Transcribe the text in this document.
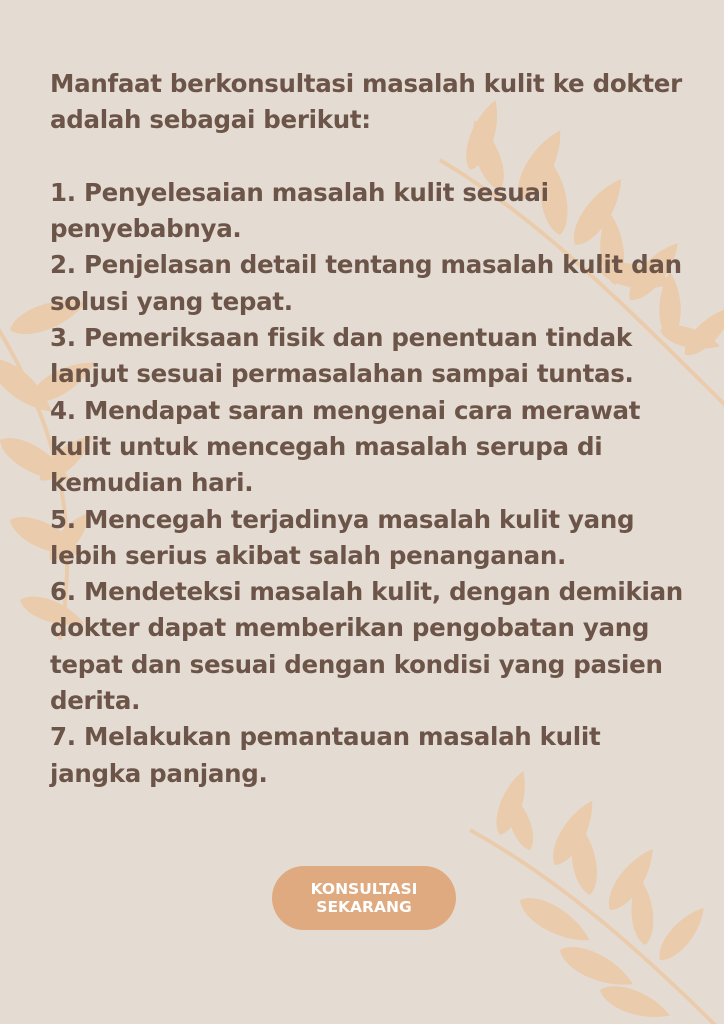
Manfaat berkonsultasi masalah kulit ke dokter adalah sebagai berikut:

1. Penyelesaian masalah kulit sesuai penyebabnya.

2. Penjelasan detail tentang masalah kulit dan solusi yang tepat.

3. Pemeriksaan fisik dan penentuan tindak lanjut sesuai permasalahan sampai tuntas.

4. Mendapat saran mengenai cara merawat kulit untuk mencegah masalah serupa di kemudian hari.

5. Mencegah terjadinya masalah kulit yang lebih serius akibat salah penanganan.

6. Mendeteksi masalah kulit, dengan demikian dokter dapat memberikan pengobatan yang tepat dan sesuai dengan kondisi yang pasien derita.

7. Melakukan pemantauan masalah kulit jangka panjang.

KONSULTASI SEKARANG
